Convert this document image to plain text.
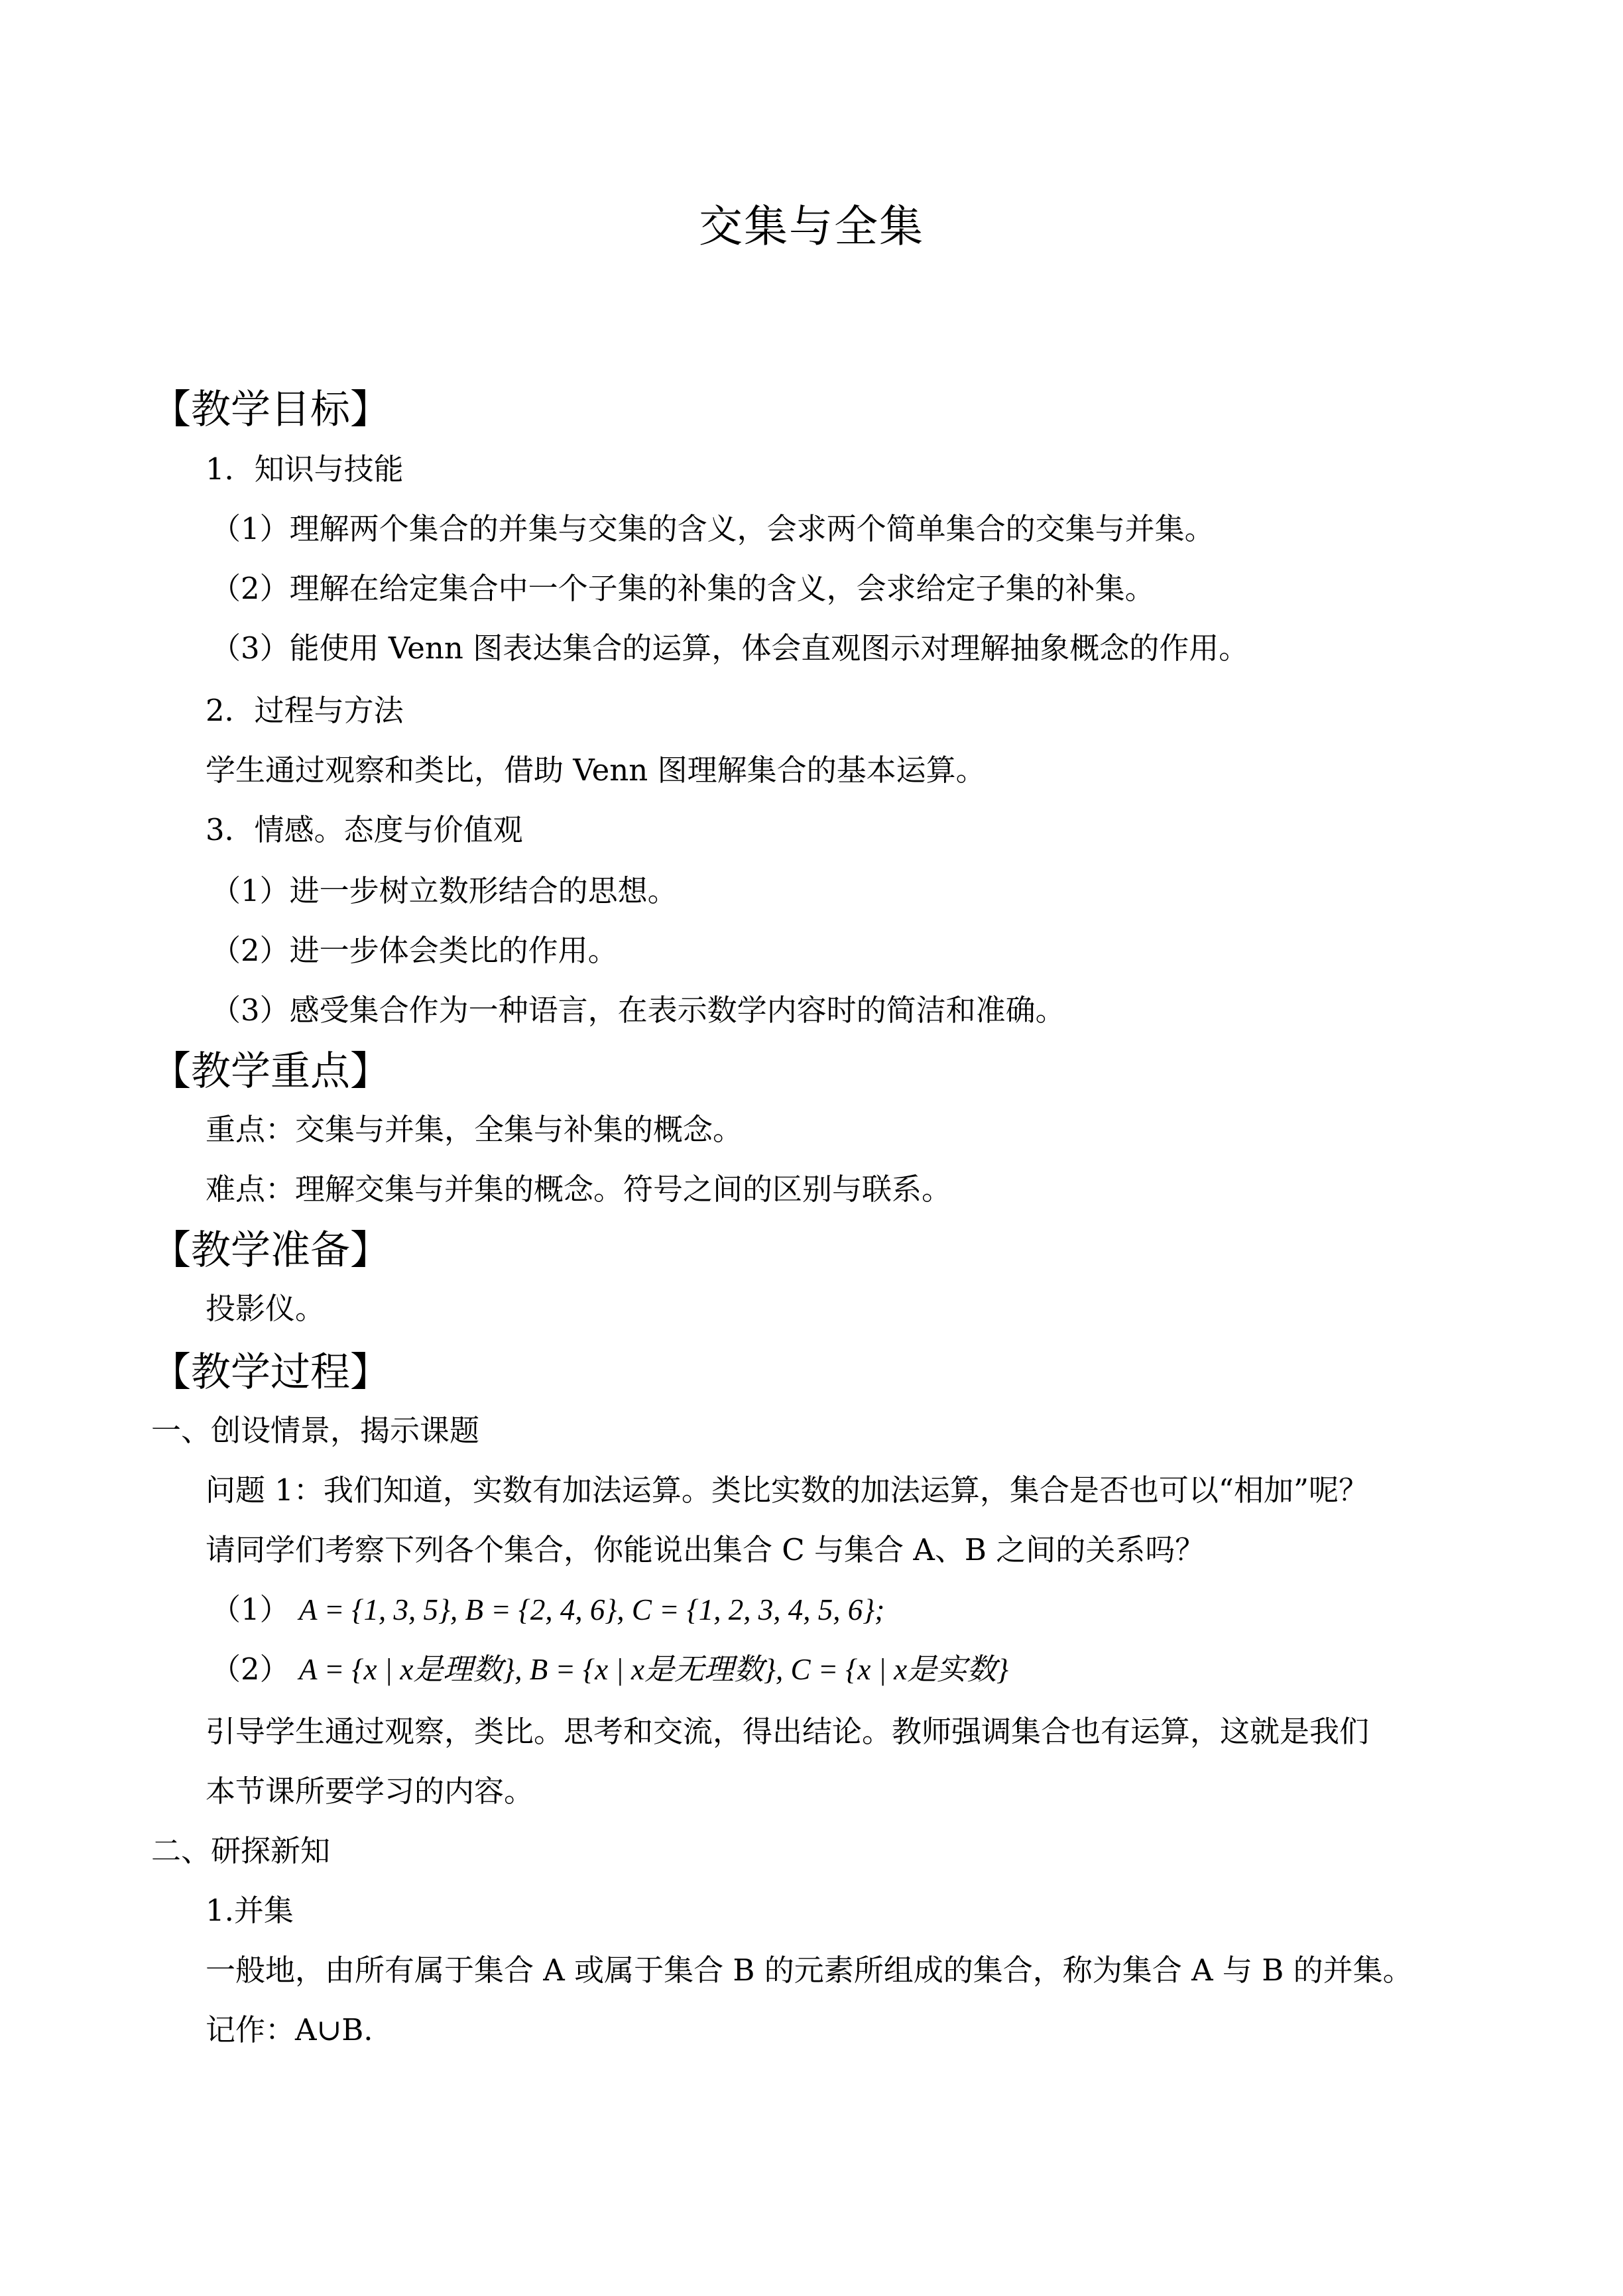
交集与全集
【教学目标】
1．知识与技能
（1）理解两个集合的并集与交集的含义，会求两个简单集合的交集与并集。
（2）理解在给定集合中一个子集的补集的含义，会求给定子集的补集。
（3）能使用 Venn 图表达集合的运算，体会直观图示对理解抽象概念的作用。
2．过程与方法
学生通过观察和类比，借助 Venn 图理解集合的基本运算。
3．情感。态度与价值观
（1）进一步树立数形结合的思想。
（2）进一步体会类比的作用。
（3）感受集合作为一种语言，在表示数学内容时的简洁和准确。
【教学重点】
重点：交集与并集，全集与补集的概念。
难点：理解交集与并集的概念。符号之间的区别与联系。
【教学准备】
投影仪。
【教学过程】
一、创设情景，揭示课题
问题 1：我们知道，实数有加法运算。类比实数的加法运算，集合是否也可以“相加”呢？
请同学们考察下列各个集合，你能说出集合 C 与集合 A、B 之间的关系吗？
（1） A = {1, 3, 5}, B = {2, 4, 6}, C = {1, 2, 3, 4, 5, 6};
（2） A = {x | x是理数}, B = {x | x是无理数}, C = {x | x是实数}
引导学生通过观察，类比。思考和交流，得出结论。教师强调集合也有运算，这就是我们
本节课所要学习的内容。
二、研探新知
1.并集
一般地，由所有属于集合 A 或属于集合 B 的元素所组成的集合，称为集合 A 与 B 的并集。
记作：A∪B.
